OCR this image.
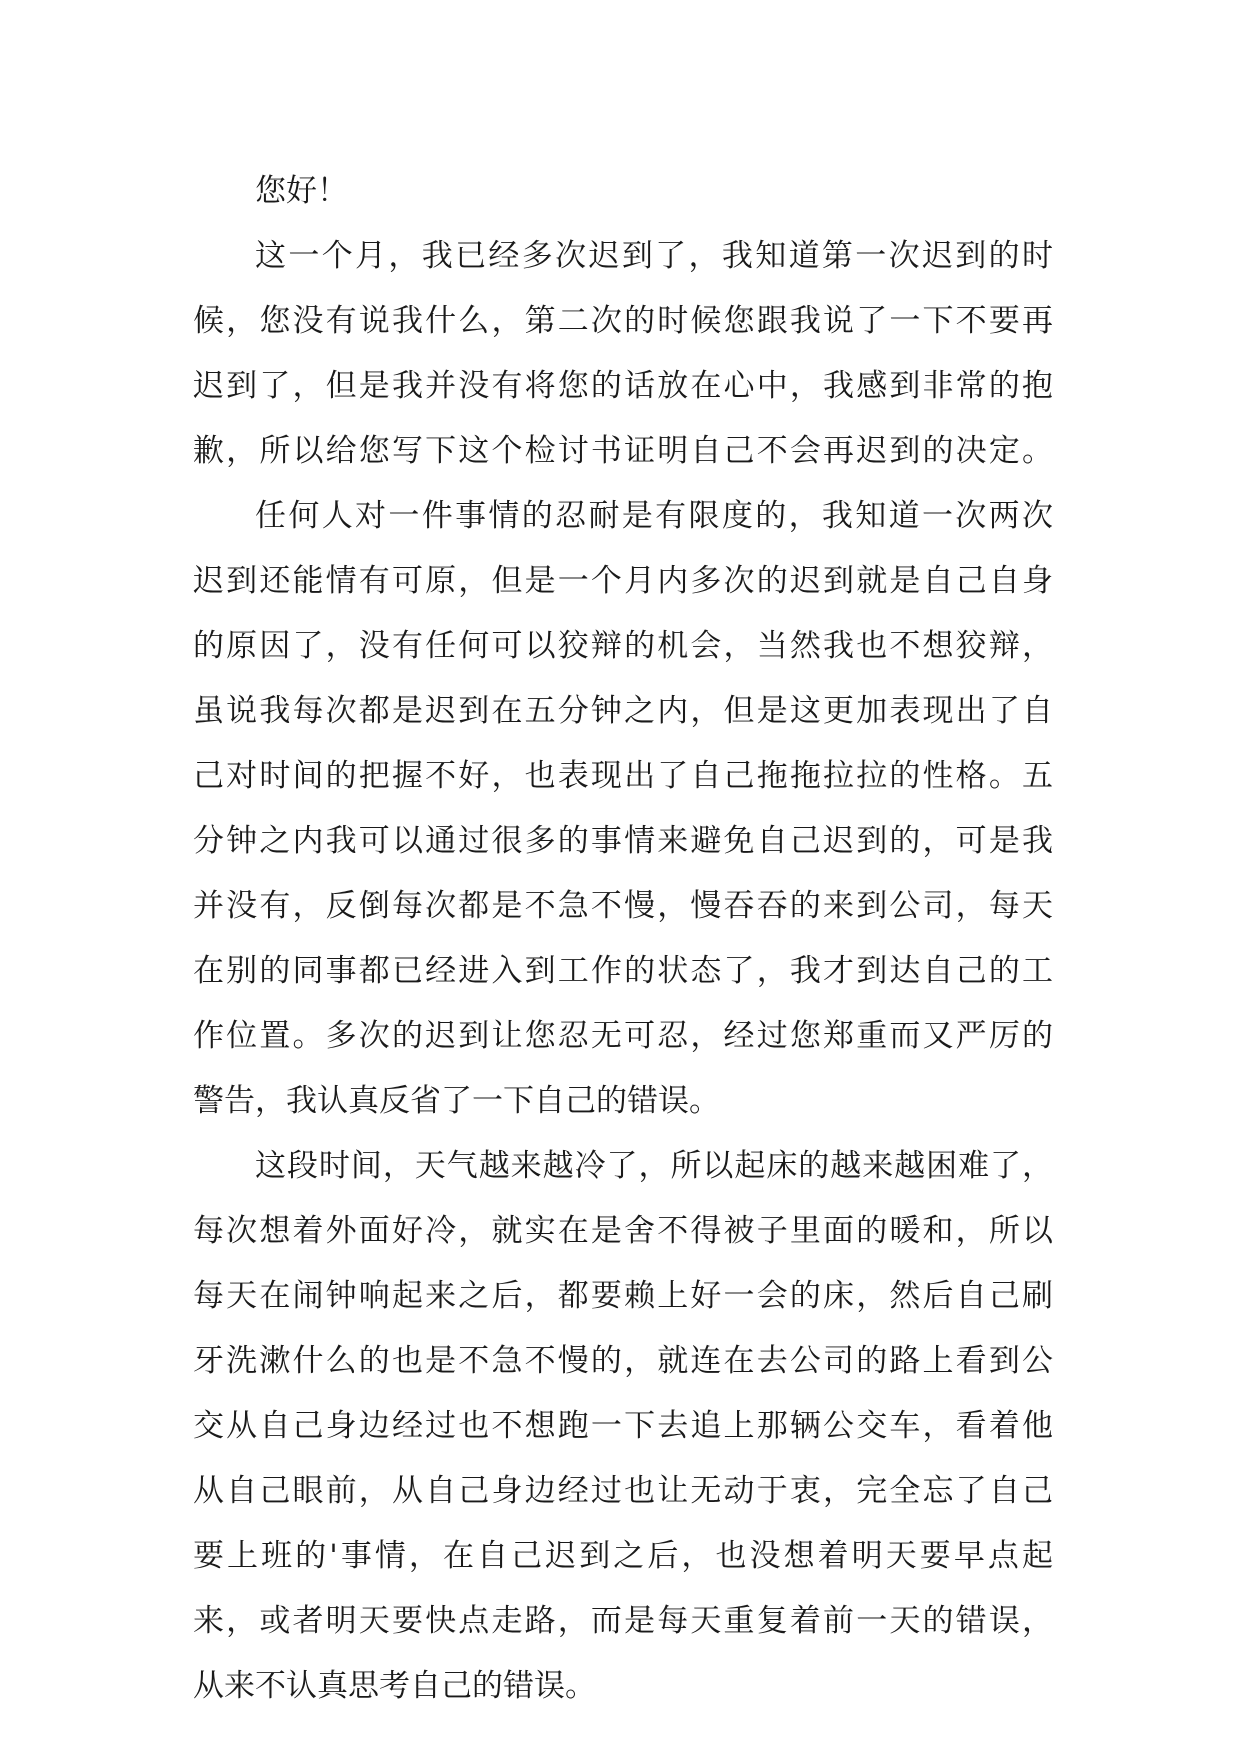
您好！
这一个月，我已经多次迟到了，我知道第一次迟到的时
候，您没有说我什么，第二次的时候您跟我说了一下不要再
迟到了，但是我并没有将您的话放在心中，我感到非常的抱
歉，所以给您写下这个检讨书证明自己不会再迟到的决定。
任何人对一件事情的忍耐是有限度的，我知道一次两次
迟到还能情有可原，但是一个月内多次的迟到就是自己自身
的原因了，没有任何可以狡辩的机会，当然我也不想狡辩，
虽说我每次都是迟到在五分钟之内，但是这更加表现出了自
己对时间的把握不好，也表现出了自己拖拖拉拉的性格。五
分钟之内我可以通过很多的事情来避免自己迟到的，可是我
并没有，反倒每次都是不急不慢，慢吞吞的来到公司，每天
在别的同事都已经进入到工作的状态了，我才到达自己的工
作位置。多次的迟到让您忍无可忍，经过您郑重而又严厉的
警告，我认真反省了一下自己的错误。
这段时间，天气越来越冷了，所以起床的越来越困难了，
每次想着外面好冷，就实在是舍不得被子里面的暖和，所以
每天在闹钟响起来之后，都要赖上好一会的床，然后自己刷
牙洗漱什么的也是不急不慢的，就连在去公司的路上看到公
交从自己身边经过也不想跑一下去追上那辆公交车，看着他
从自己眼前，从自己身边经过也让无动于衷，完全忘了自己
要上班的'事情，在自己迟到之后，也没想着明天要早点起
来，或者明天要快点走路，而是每天重复着前一天的错误，
从来不认真思考自己的错误。
